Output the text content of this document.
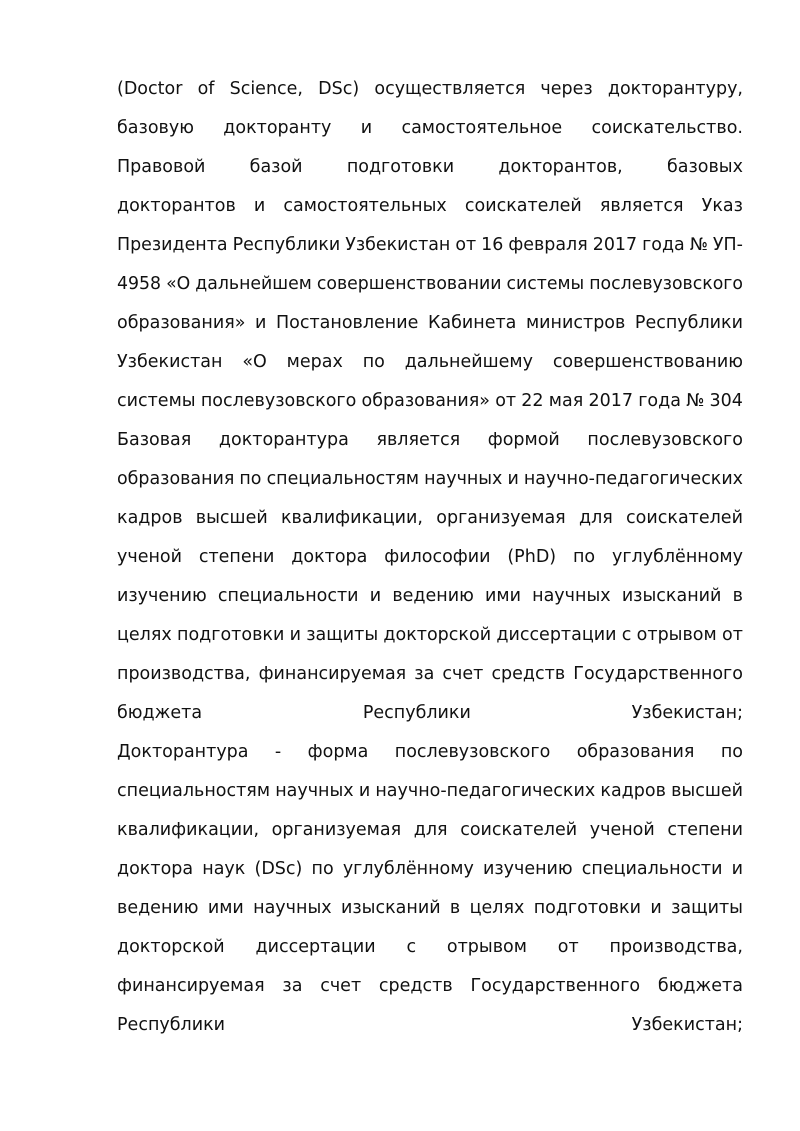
(Doctor of Science, DSc) осуществляется через докторантуру,
базовую докторанту и самостоятельное соискательство.
Правовой	базой	подготовки	докторантов,	базовых
докторантов и самостоятельных соискателей является Указ
Президента Республики Узбекистан от 16 февраля 2017 года № УП-
4958 «О дальнейшем совершенствовании системы послевузовского
образования» и Постановление Кабинета министров Республики
Узбекистан «О мерах по дальнейшему совершенствованию
системы послевузовского образования» от 22 мая 2017 года № 304
Базовая докторантура является формой послевузовского
образования по специальностям научных и научно-педагогических
кадров высшей квалификации, организуемая для соискателей
ученой степени доктора философии (PhD) по углублённому
изучению специальности и ведению ими научных изысканий в
целях подготовки и защиты докторской диссертации с отрывом от
производства, финансируемая за счет средств Государственного
бюджета	Республики	Узбекистан;
Докторантура - форма послевузовского образования по
специальностям научных и научно-педагогических кадров высшей
квалификации, организуемая для соискателей ученой степени
доктора наук (DSc) по углублённому изучению специальности и
ведению ими научных изысканий в целях подготовки и защиты
докторской диссертации с отрывом от производства,
финансируемая за счет средств Государственного бюджета
Республики	Узбекистан;
